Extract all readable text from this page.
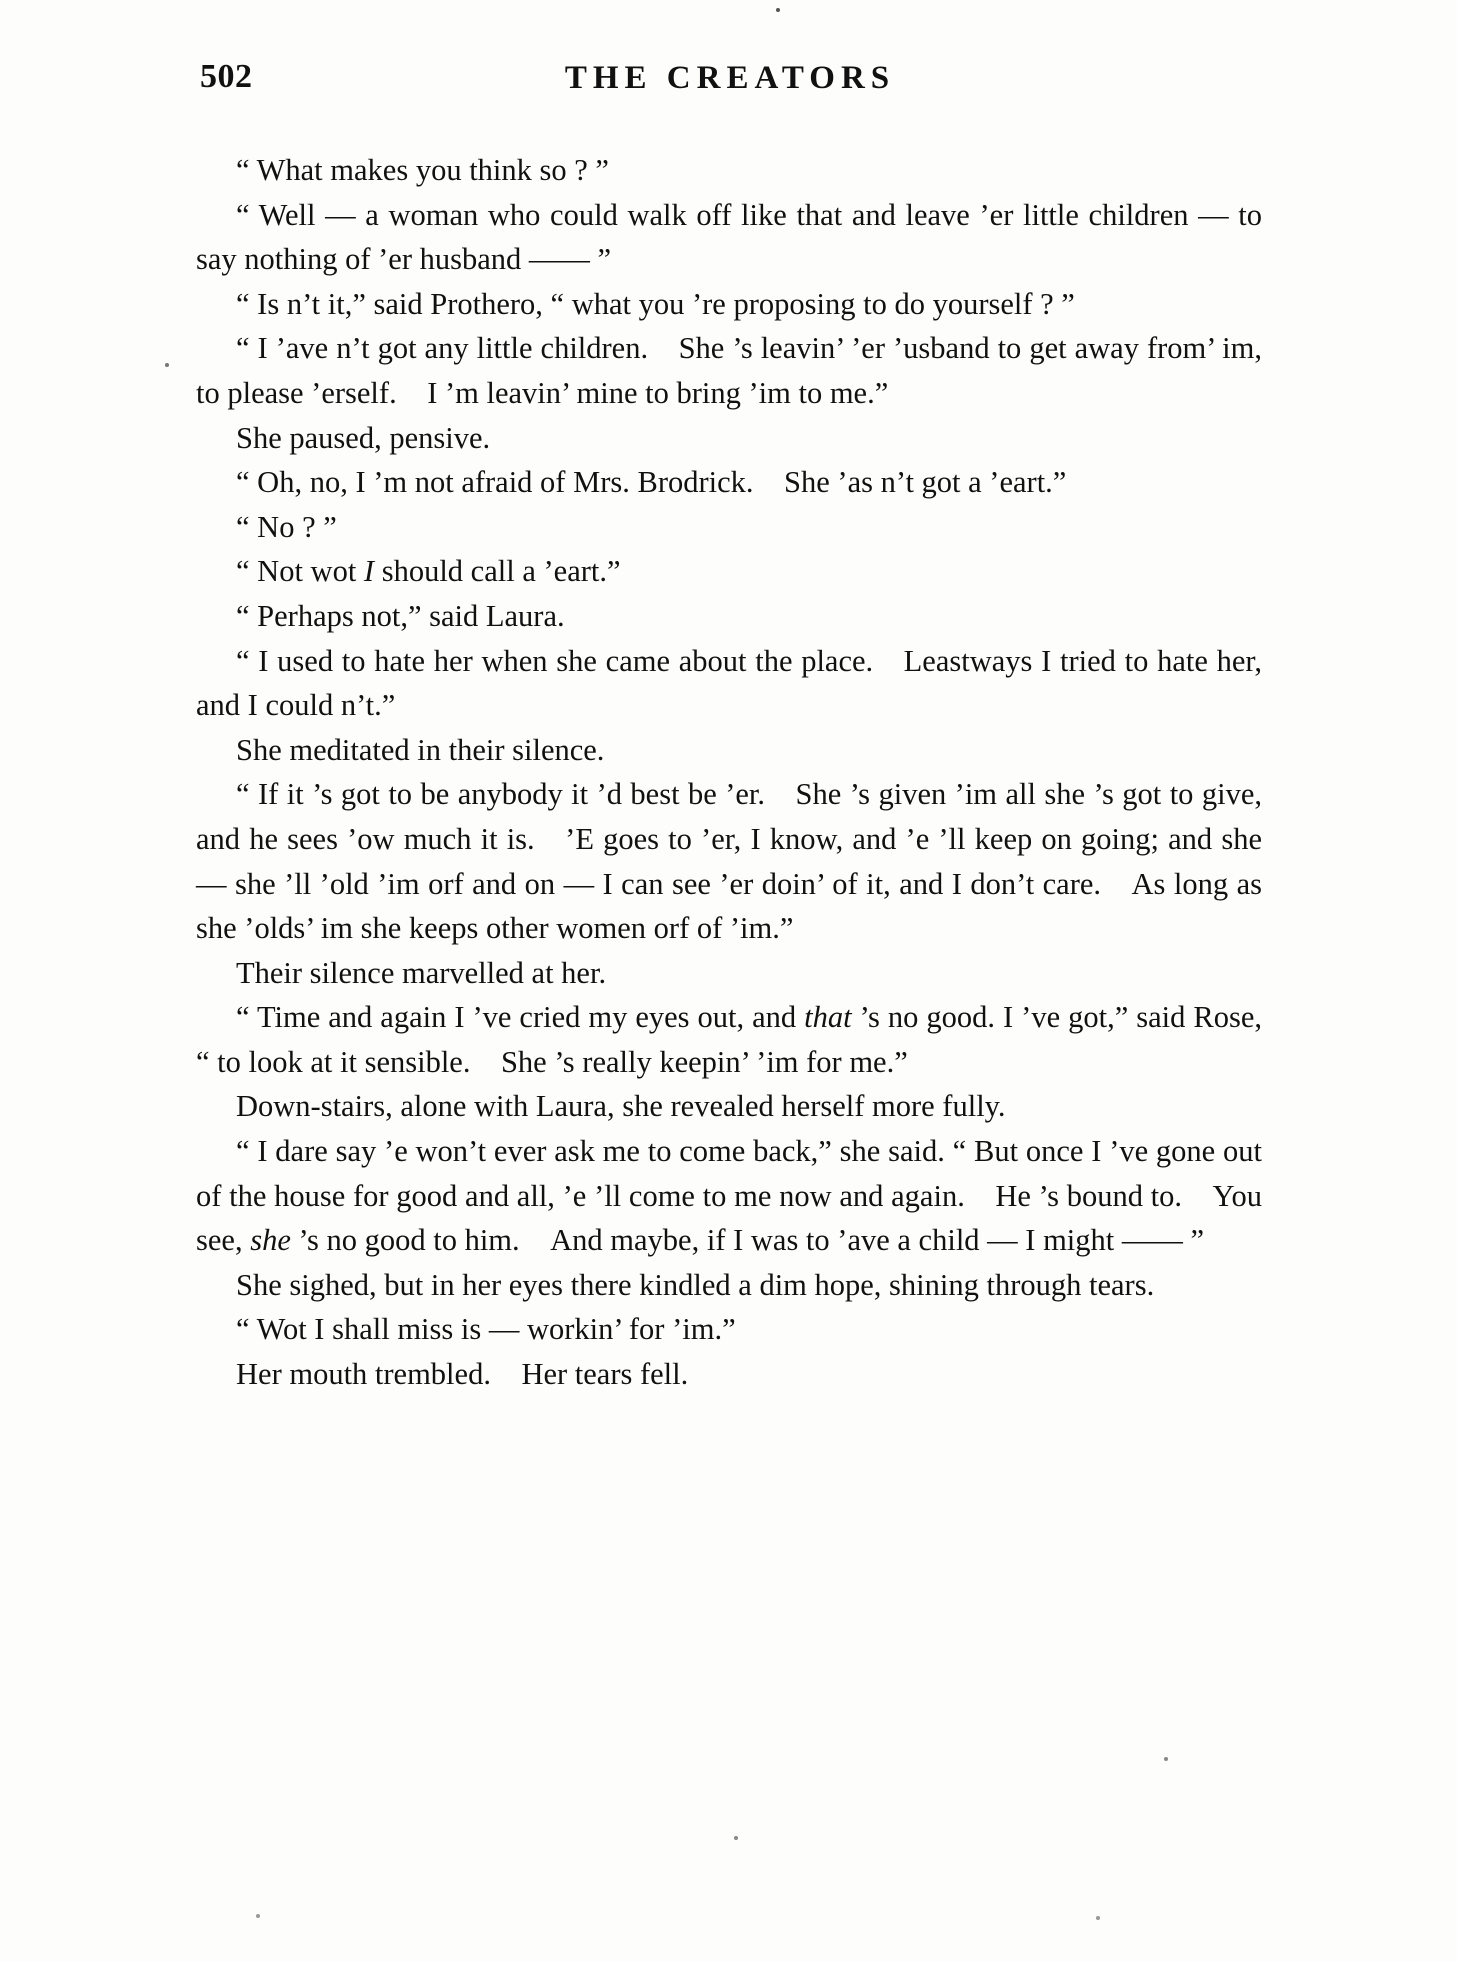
502	THE CREATORS

“ What makes you think so ? ”

“ Well — a woman who could walk off like that and leave ’er little children — to say nothing of ’er husband —— ”

“ Is n’t it,” said Prothero, “ what you ’re proposing to do yourself ? ”

“ I ’ave n’t got any little children. She ’s leavin’ ’er ’usband to get away from’ im, to please ’erself. I ’m leavin’ mine to bring ’im to me.”

She paused, pensive.

“ Oh, no, I ’m not afraid of Mrs. Brodrick. She ’as n’t got a ’eart.”

“ No ? ”

“ Not wot I should call a ’eart.”

“ Perhaps not,” said Laura.

“ I used to hate her when she came about the place. Leastways I tried to hate her, and I could n’t.”

She meditated in their silence.

“ If it ’s got to be anybody it ’d best be ’er. She ’s given ’im all she ’s got to give, and he sees ’ow much it is. ’E goes to ’er, I know, and ’e ’ll keep on going; and she — she ’ll ’old ’im orf and on — I can see ’er doin’ of it, and I don’t care. As long as she ’olds’ im she keeps other women orf of ’im.”

Their silence marvelled at her.

“ Time and again I ’ve cried my eyes out, and that ’s no good. I ’ve got,” said Rose, “ to look at it sensible. She ’s really keepin’ ’im for me.”

Down-stairs, alone with Laura, she revealed herself more fully.

“ I dare say ’e won’t ever ask me to come back,” she said. “ But once I ’ve gone out of the house for good and all, ’e ’ll come to me now and again. He ’s bound to. You see, she ’s no good to him. And maybe, if I was to ’ave a child — I might —— ”

She sighed, but in her eyes there kindled a dim hope, shining through tears.

“ Wot I shall miss is — workin’ for ’im.”

Her mouth trembled. Her tears fell.
